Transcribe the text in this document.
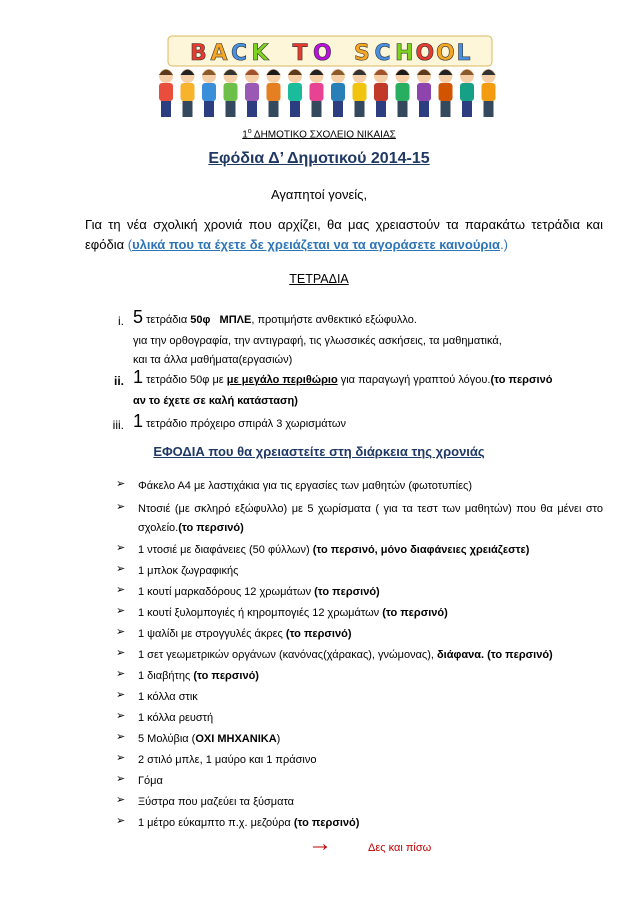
B A C K T O S C H O O L
$1^o$ ΔΗΜΟΤΙΚΟ ΣΧΟΛΕΙΟ ΝΙΚΑΙΑΣ
Εφόδια Δ’ Δημοτικού 2014-15
Αγαπητοί γονείς,
Για τη νέα σχολική χρονιά που αρχίζει, θα μας χρειαστούν τα παρακάτω τετράδια και εφόδια (υλικά που τα έχετε δε χρειάζεται να τα αγοράσετε καινούρια.)
ΤΕΤΡΑΔΙΑ
i. 5 τετράδια 50φ ΜΠΛΕ, προτιμήστε ανθεκτικό εξώφυλλο.
για την ορθογραφία, την αντιγραφή, τις γλωσσικές ασκήσεις, τα μαθηματικά,
και τα άλλα μαθήματα(εργασιών)
ii. 1 τετράδιο 50φ με με μεγάλο περιθώριο για παραγωγή γραπτού λόγου.(το περσινό
αν το έχετε σε καλή κατάσταση)
iii. 1 τετράδιο πρόχειρο σπιράλ 3 χωρισμάτων
ΕΦΟΔΙΑ που θα χρειαστείτε στη διάρκεια της χρονιάς
➢ Φάκελο Α4 με λαστιχάκια για τις εργασίες των μαθητών (φωτοτυπίες)
➢ Ντοσιέ (με σκληρό εξώφυλλο) με 5 χωρίσματα ( για τα τεστ των μαθητών) που θα μένει στο σχολείο.(το περσινό)
➢ 1 ντοσιέ με διαφάνειες (50 φύλλων) (το περσινό, μόνο διαφάνειες χρειάζεστε)
➢ 1 μπλοκ ζωγραφικής
➢ 1 κουτί μαρκαδόρους 12 χρωμάτων (το περσινό)
➢ 1 κουτί ξυλομπογιές ή κηρομπογιές 12 χρωμάτων (το περσινό)
➢ 1 ψαλίδι με στρογγυλές άκρες (το περσινό)
➢ 1 σετ γεωμετρικών οργάνων (κανόνας(χάρακας), γνώμονας), διάφανα. (το περσινό)
➢ 1 διαβήτης (το περσινό)
➢ 1 κόλλα στικ
➢ 1 κόλλα ρευστή
➢ 5 Μολύβια (ΟΧΙ ΜΗΧΑΝΙΚΑ)
➢ 2 στιλό μπλε, 1 μαύρο και 1 πράσινο
➢ Γόμα
➢ Ξύστρα που μαζεύει τα ξύσματα
➢ 1 μέτρο εύκαμπτο π.χ. μεζούρα (το περσινό)
→	Δες και πίσω
